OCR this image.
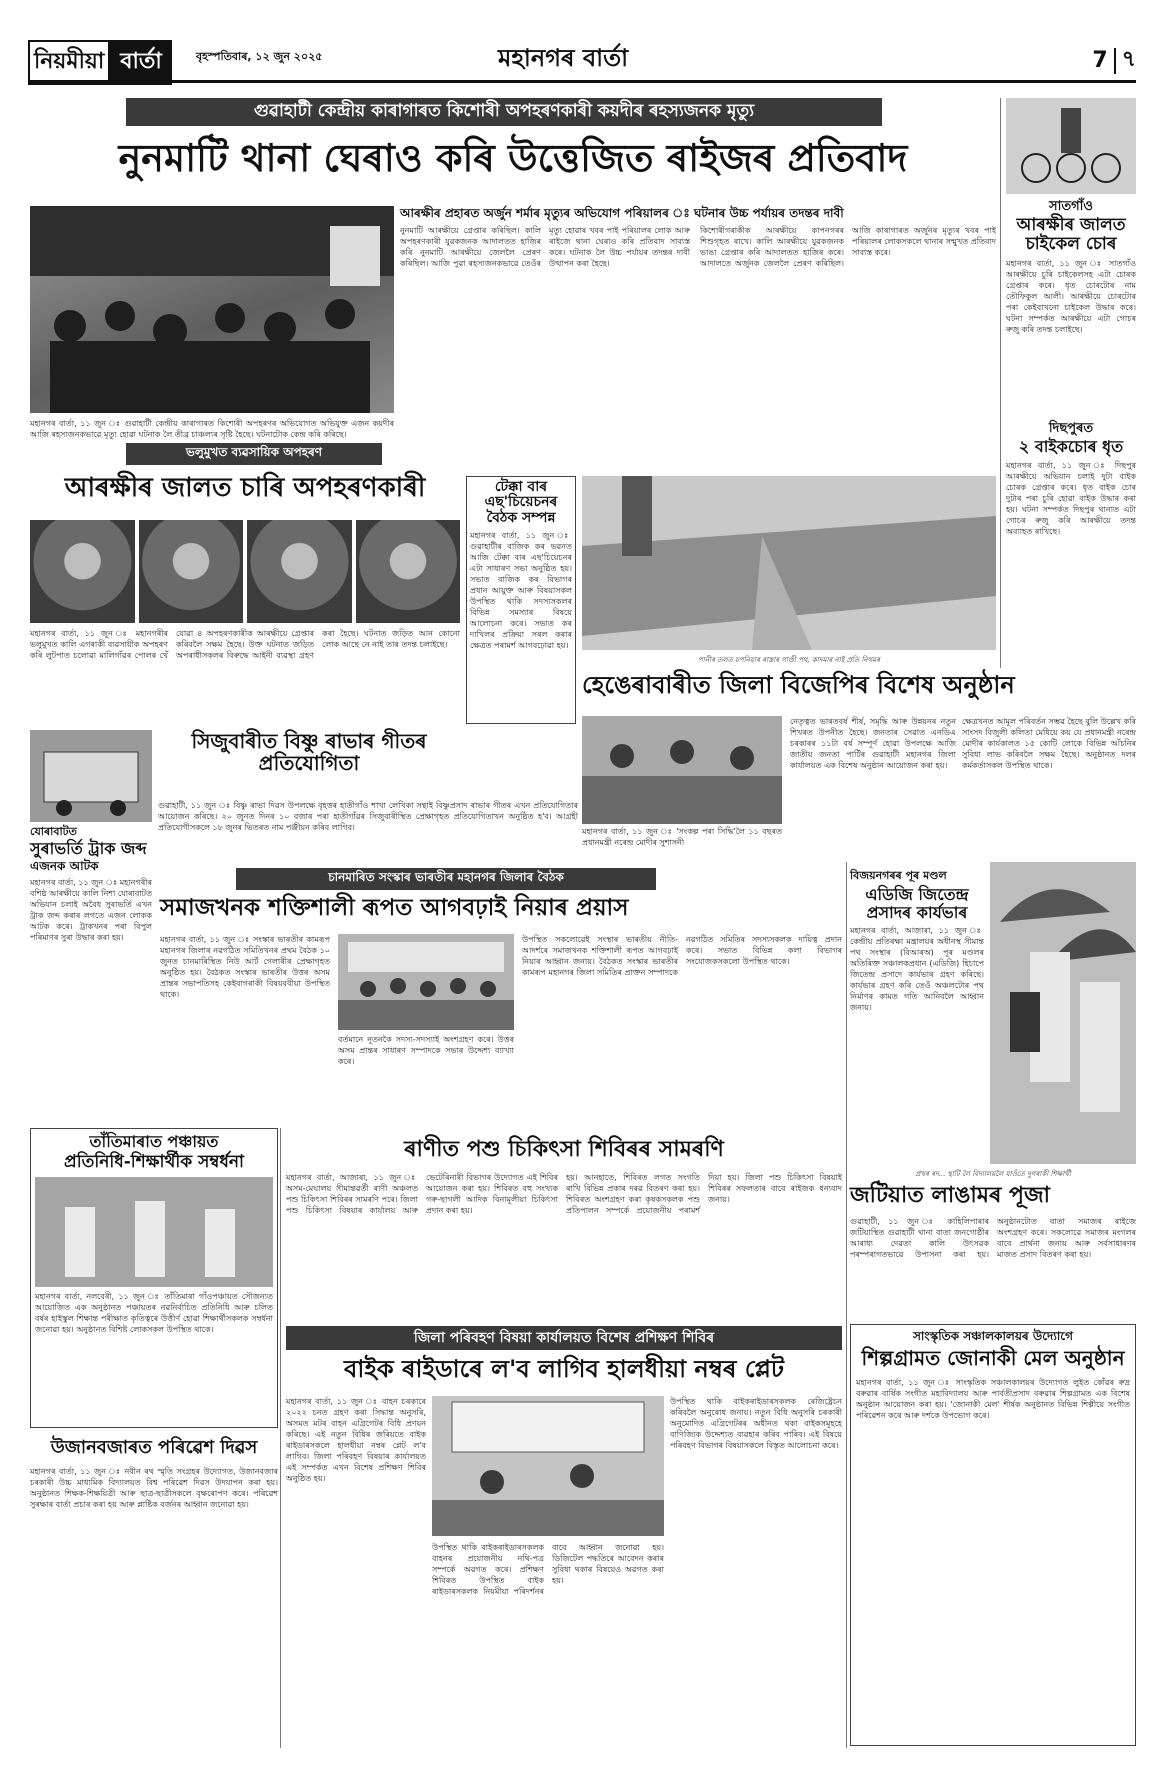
নিয়মীয়া বাৰ্তা	বৃহস্পতিবাৰ, ১২ জুন ২০২৫	মহানগৰ বাৰ্তা	7 ৭
গুৱাহাটী কেন্দ্ৰীয় কাৰাগাৰত কিশোৰী অপহৰণকাৰী কয়দীৰ ৰহস্যজনক মৃত্যু
নুনমাটি থানা ঘেৰাও কৰি উত্তেজিত ৰাইজৰ প্ৰতিবাদ
মহানগৰ বাৰ্তা, ১১ জুন ঃ গুৱাহাটী কেন্দ্ৰীয় কাৰাগাৰত কিশোৰী অপহৰণৰ অভিযোগত অভিযুক্ত এজন কয়দীৰ আজি ৰহস্যজনকভাৱে মৃত্যু হোৱা ঘটনাক লৈ তীব্ৰ চাঞ্চল্যৰ সৃষ্টি হৈছে। ঘটনাটোক কেন্দ্ৰ কৰি কৰিছে।
আৰক্ষীৰ প্ৰহাৰত অৰ্জুন শৰ্মাৰ মৃত্যুৰ অভিযোগ পৰিয়ালৰ ঃ ঘটনাৰ উচ্চ পৰ্যায়ৰ তদন্তৰ দাবী
নুনমাটি আৰক্ষীয়ে গ্ৰেপ্তাৰ কৰিছিল। কালি অপহৰণকাৰী যুৱকজনক আদালতত হাজিৰ কৰি নুনমাটি আৰক্ষীয়ে জেললৈ প্ৰেৰণ কৰিছিল। আজি পুৱা ৰহস্যজনকভাৱে তেওঁৰ মৃত্যু হোৱাৰ খবৰ পাই পৰিয়ালৰ লোক আৰু ৰাইজে থানা ঘেৰাও কৰি প্ৰতিবাদ সাব্যস্ত কৰে। ঘটনাক লৈ উচ্চ পৰ্যায়ৰ তদন্তৰ দাবী উত্থাপন কৰা হৈছে।
কিশোৰীগৰাকীক আৰক্ষীয়ে কাপনগৰৰ শিশুগৃহত ৰাখে। কালি আৰক্ষীয়ে যুৱকজনক ভাঙা গ্ৰেপ্তাৰ কৰি আদালতত হাজিৰ কৰে। আদালতে অৰ্জুনক জেললৈ প্ৰেৰণ কৰিছিল। আজি কাৰাগাৰত অৰ্জুনৰ মৃত্যুৰ খবৰ পাই পৰিয়ালৰ লোকসকলে থানাৰ সন্মুখত প্ৰতিবাদ সাব্যস্ত কৰে।
সাতগাঁও
আৰক্ষীৰ জালত চাইকেল চোৰ
মহানগৰ বাৰ্তা, ১১ জুন ঃ সাতগাঁও আৰক্ষীয়ে চুৰি চাইকেলসহ এটা চোৰক গ্ৰেপ্তাৰ কৰে। ধৃত চোৰটোৰ নাম তৌফিকুল আলী। আৰক্ষীয়ে চোৰটোৰ পৰা কেইবাখনো চাইকেল উদ্ধাৰ কৰে। ঘটনা সম্পৰ্কত আৰক্ষীয়ে এটা গোচৰ ৰুজু কৰি তদন্ত চলাইছে।
দিছপুৰত
২ বাইকচোৰ ধৃত
মহানগৰ বাৰ্তা, ১১ জুন ঃ দিছপুৰ আৰক্ষীয়ে অভিযান চলাই দুটা বাইক চোৰক গ্ৰেপ্তাৰ কৰে। ধৃত বাইক চোৰ দুটাৰ পৰা চুৰি হোৱা বাইক উদ্ধাৰ কৰা হয়। ঘটনা সম্পৰ্কত দিছপুৰ থানাত এটা গোচৰ ৰুজু কৰি আৰক্ষীয়ে তদন্ত অব্যাহত ৰাখিছে।
ভলুমুখত ব্যৱসায়িক অপহৰণ
আৰক্ষীৰ জালত চাৰি অপহৰণকাৰী
মহানগৰ বাৰ্তা, ১১ জুন ঃ মহানগৰীৰ ভলুমুখত কালি এগৰাকী ব্যৱসায়ীক অপহৰণ কৰি লুটপাত চলোৱা মালিগাঁৱৰ পোলৰ খেঁ যোৱা ৪ অপহৰণকাৰীক আৰক্ষীয়ে গ্ৰেপ্তাৰ কৰিবলৈ সক্ষম হৈছে। উক্ত ঘটনাত জড়িত অপৰাধীসকলৰ বিৰুদ্ধে আইনী ব্যৱস্থা গ্ৰহণ কৰা হৈছে। ঘটনাত জড়িত আন কোনো লোক আছে নে নাই তাৰ তদন্ত চলাইছে।
টেক্কা বাৰ এছ'চিয়েচনৰ বৈঠক সম্পন্ন
মহানগৰ বাৰ্তা, ১১ জুন ঃ গুৱাহাটীৰ বাজিক কৰ ভৱনত আজি টেক্কা বাৰ এছ'চিয়েচনৰ এটা সাধাৰণ সভা অনুষ্ঠিত হয়। সভাত বাজিক কৰ বিভাগৰ প্ৰধান আয়ুক্ত আৰু বিষয়াসকল উপস্থিত থাকি সদস্যসকলৰ বিভিন্ন সমস্যাৰ বিষয়ে আলোচনা কৰে। সভাত কৰ দাখিলৰ প্ৰক্ৰিয়া সৰল কৰাৰ ক্ষেত্ৰত পৰামৰ্শ আগবঢ়োৱা হয়।
পানীৰ তলত চপনিয়াৰ ৰাস্তাৰ গাণ্ডী পথ, কাদমাৰ নাই প্ৰতি নিগমৰ
হেঙেৰাবাৰীত জিলা বিজেপিৰ বিশেষ অনুষ্ঠান
মহানগৰ বাৰ্তা, ১১ জুন ঃ 'সংকল্প পৰা সিদ্ধি'লৈ ১১ বছৰত প্ৰধানমন্ত্ৰী নৰেন্দ্ৰ মোদীৰ সুশাসনী
নেতৃত্বত ভাৰতবৰ্ষ শীৰ্ষ, সমৃদ্ধি আৰু উন্নয়নৰ নতুন শিখৰত উপনীত হৈছে। জনতাৰ সেৱাত এনডিএ চৰকাৰৰ ১১টা বৰ্ষ সম্পূৰ্ণ হোৱা উপলক্ষে আজি জাতীয় জনতা পাৰ্টিৰ গুৱাহাটী মহানগৰ জিলা কাৰ্যালয়ত এক বিশেষ অনুষ্ঠান আয়োজন কৰা হয়।
ক্ষেত্ৰখনত আমূল পৰিবৰ্তন সম্ভৱ হৈছে বুলি উল্লেখ কৰি সাংসদ বিজুলী কলিতা মেধিয়ে কয় যে প্ৰধানমন্ত্ৰী নৰেন্দ্ৰ মোদীৰ কাৰ্যকালত ১৫ কোটি লোকে বিভিন্ন আঁচনিৰ সুবিধা লাভ কৰিবলৈ সক্ষম হৈছে। অনুষ্ঠানত দলৰ কৰ্মকৰ্তাসকল উপস্থিত থাকে।
সিজুবাৰীত বিষ্ণু ৰাভাৰ গীতৰ প্ৰতিযোগিতা
গুৱাহাটী, ১১ জুন ঃ বিষ্ণু ৰাভা দিৱস উপলক্ষে বৃহত্তৰ হাতীগাঁও শাখা লেখিকা সন্থাই বিষ্ণুপ্ৰসাদ ৰাভাৰ গীতৰ এখন প্ৰতিযোগিতাৰ আয়োজন কৰিছে। ২০ জুনত দিনৰ ১০ বজাৰ পৰা হাতীগাঁৱৰ সিজুবাৰীস্থিত প্ৰেক্ষাগৃহত প্ৰতিযোগিতাখন অনুষ্ঠিত হ'ব। আগ্ৰহী প্ৰতিযোগীসকলে ১৮ জুনৰ ভিতৰত নাম পঞ্জীয়ন কৰিব লাগিব।
যোৰাবাটত
সুৰাভৰ্তি ট্ৰাক জব্দ
এজনক আটক
মহানগৰ বাৰ্তা, ১১ জুন ঃ মহানগৰীৰ বশিষ্ঠ আৰক্ষীয়ে কালি নিশা যোৰাবাটত অভিযান চলাই অবৈধ সুৰাভৰ্তি এখন ট্ৰাক জব্দ কৰাৰ লগতে এজন লোকক আটক কৰে। ট্ৰাকখনৰ পৰা বিপুল পৰিমাণৰ সুৰা উদ্ধাৰ কৰা হয়।
চানমাৰিত সংস্কাৰ ভাৰতীৰ মহানগৰ জিলাৰ বৈঠক
সমাজখনক শক্তিশালী ৰূপত আগবঢ়াই নিয়াৰ প্ৰয়াস
মহানগৰ বাৰ্তা, ১১ জুন ঃ সংস্কাৰ ভাৰতীৰ কামৰূপ মহানগৰ জিলাৰ নৱগঠিত সমিতিখনৰ প্ৰথম বৈঠক ১০ জুনত চানমাৰিস্থিত নিউ আৰ্ট গেলাৰীৰ প্ৰেক্ষাগৃহত অনুষ্ঠিত হয়। বৈঠকত সংস্কাৰ ভাৰতীৰ উত্তৰ অসম প্ৰান্তৰ সভাপতিসহ কেইবাগৰাকী বিষয়ববীয়া উপস্থিত থাকে।
বৰ্তমানে নূতনকৈ সদস্য-সদস্যাই অংশগ্ৰহণ কৰে। উত্তৰ অসম প্ৰান্তৰ সাধাৰণ সম্পাদকে সভাৰ উদ্দেশ্য ব্যাখ্যা কৰে।
উপস্থিত সকলোৱেই সংস্থাৰ ভাৰতীয় নীতি-আদৰ্শৰে সমাজখনক শক্তিশালী ৰূপত আগবঢ়াই নিয়াৰ আহ্বান জনায়। বৈঠকত সংস্কাৰ ভাৰতীৰ কামৰূপ মহানগৰ জিলা সমিতিৰ প্ৰাক্তন সম্পাদকে নৱগঠিত সমিতিৰ সদস্যসকলক দায়িত্ব প্ৰদান কৰে। সভাত বিভিন্ন কলা বিভাগৰ সংযোজকসকলো উপস্থিত থাকে।
বিজয়নগৰৰ পূৰ মণ্ডল
এডিজি জিতেন্দ্ৰ প্ৰসাদৰ কাৰ্যভাৰ
মহানগৰ বাৰ্তা, আজাৰা, ১১ জুন ঃ কেন্দ্ৰীয় প্ৰতিৰক্ষা মন্ত্ৰালয়ৰ অধীনস্থ সীমান্ত পথ সংস্থাৰ (বিআৰঅ) পূৰ মণ্ডলৰ অতিৰিক্ত সঞ্চালকপ্ৰধান (এডিজি) হিচাপে জিতেন্দ্ৰ প্ৰসাদে কাৰ্যভাৰ গ্ৰহণ কৰিছে। কাৰ্যভাৰ গ্ৰহণ কৰি তেওঁ অঞ্চলটোৰ পথ নিৰ্মাণৰ কামত গতি আনিবলৈ আহ্বান জনায়।
প্ৰখৰ ৰদ... ছাটি লৈ বিদ্যালয়লৈ যাওঁতে দুগৰাকী শিক্ষাৰ্থী
জটিয়াত লাঙামৰ পূজা
গুৱাহাটী, ১১ জুন ঃ কাহিলিপাৰাৰ জটিয়াস্থিত গুৱাহাটী থানা বাতা জনগোষ্ঠীৰ আৰাধ্য দেৱতা কালি উৎসৱক পৰম্পৰাগতভাৱে উপাসনা কৰা হয়। অনুষ্ঠানটোত বাতা সমাজৰ ৰাইজে অংশগ্ৰহণ কৰে। সকলোৱে সমাজৰ মংগলৰ বাবে প্ৰাৰ্থনা জনায় আৰু সৰ্বসাধাৰণৰ মাজত প্ৰসাদ বিতৰণ কৰা হয়।
তাঁতিমাৰাত পঞ্চায়ত
প্ৰতিনিধি-শিক্ষাৰ্থীক সম্বৰ্ধনা
মহানগৰ বাৰ্তা, নলবেৰী, ১১ জুন ঃ তাঁতিমাৰা গাঁওপঞ্চায়ত সৌজন্যত আয়োজিত এক অনুষ্ঠানত পঞ্চায়তৰ নৱনিৰ্বাচিত প্ৰতিনিধি আৰু চলিত বৰ্ষৰ হাইস্কুল শিক্ষান্ত পৰীক্ষাত কৃতিত্বৰে উত্তীৰ্ণ হোৱা শিক্ষাৰ্থীসকলক সম্বৰ্ধনা জনোৱা হয়। অনুষ্ঠানত বিশিষ্ট লোকসকল উপস্থিত থাকে।
উজানবজাৰত পৰিৱেশ দিৱস
মহানগৰ বাৰ্তা, ১১ জুন ঃ নবীন ৰথ স্মৃতি সংগ্ৰহৰ উদ্যোগত, উজানবজাৰ চৰকাৰী উচ্চ মাধ্যমিক বিদ্যালয়ত বিশ্ব পৰিৱেশ দিৱস উদযাপন কৰা হয়। অনুষ্ঠানত শিক্ষক-শিক্ষয়িত্ৰী আৰু ছাত্ৰ-ছাত্ৰীসকলে বৃক্ষৰোপণ কৰে। পৰিৱেশ সুৰক্ষাৰ বাৰ্তা প্ৰচাৰ কৰা হয় আৰু প্লাষ্টিক বৰ্জনৰ আহ্বান জনোৱা হয়।
ৰাণীত পশু চিকিৎসা শিবিৰৰ সামৰণি
মহানগৰ বাৰ্তা, আজাৰা, ১১ জুন ঃ অসম-মেঘালয় সীমান্তৱৰ্তী ৰাণী অঞ্চলত পশু চিকিৎসা শিবিৰৰ সামৰণি পৰে। জিলা পশু চিকিৎসা বিষয়াৰ কাৰ্যালয় আৰু ভেটেৰিনাৰী বিভাগৰ উদ্যোগত এই শিবিৰ আয়োজন কৰা হয়। শিবিৰত বহু সংখ্যক গৰু-ছাগলী আদিক বিনামূলীয়া চিকিৎসা প্ৰদান কৰা হয়।
হয়। আনহাতে, শিবিৰত লগত সংগতি ৰাখি বিভিন্ন প্ৰকাৰ দৰৱ বিতৰণ কৰা হয়। শিবিৰত অংশগ্ৰহণ কৰা কৃষকসকলক পশু প্ৰতিপালন সম্পৰ্কে প্ৰয়োজনীয় পৰামৰ্শ দিয়া হয়। জিলা পশু চিকিৎসা বিষয়াই শিবিৰৰ সফলতাৰ বাবে ৰাইজক ধন্যবাদ জনায়।
জিলা পৰিবহণ বিষয়া কাৰ্যালয়ত বিশেষ প্ৰশিক্ষণ শিবিৰ
বাইক ৰাইডাৰে ল'ব লাগিব হালধীয়া নম্বৰ প্লেট
মহানগৰ বাৰ্তা, ১১ জুন ঃ বাহন চৰকাৰে ২০২২ চনত গ্ৰহণ কৰা সিদ্ধান্ত অনুসৰি, অসমত মটৰ বাহন এগ্ৰিগেটৰ বিধি প্ৰণয়ন কৰিছে। এই নতুন বিধিৰ জৰিয়তে বাইক ৰাইডাৰসকলে হালধীয়া নম্বৰ প্লেট ল'ব লাগিব। জিলা পৰিবহণ বিষয়াৰ কাৰ্যালয়ত এই সম্পৰ্কত এখন বিশেষ প্ৰশিক্ষণ শিবিৰ অনুষ্ঠিত হয়।
উপস্থিত থাকি বাইকৰাইডাৰসকলক বাহনৰ প্ৰয়োজনীয় নথি-পত্ৰ সম্পৰ্কে অৱগত কৰে। প্ৰশিক্ষণ শিবিৰত উপস্থিত বাইক ৰাইডাৰসকলক নিয়মীয়া পৰিদৰ্শনৰ বাবে আহ্বান জনোৱা হয়। ডিজিটেল পদ্ধতিৰে আবেদন কৰাৰ সুবিধা থকাৰ বিষয়েও অৱগত কৰা হয়।
উপস্থিত থাকি বাইকৰাইডাৰসকলক ৰেজিষ্ট্ৰেচন কৰিবলৈ অনুৰোধ জনায়। নতুন বিধি অনুসৰি চৰকাৰী অনুমোদিত এগ্ৰিগেটৰৰ অধীনত থকা বাইকসমূহহে বাণিজ্যিক উদ্দেশ্যত ব্যৱহাৰ কৰিব পাৰিব। এই বিষয়ে পৰিবহণ বিভাগৰ বিষয়াসকলে বিস্তৃত আলোচনা কৰে।
সাংস্কৃতিক সঞ্চালকালয়ৰ উদ্যোগে
শিল্পগ্ৰামত জোনাকী মেল অনুষ্ঠান
মহানগৰ বাৰ্তা, ১১ জুন ঃ সাংস্কৃতিক সঞ্চালকালয়ৰ উদ্যোগত লুইত কোঁৱৰ ৰুদ্ৰ বৰুৱাৰ বাৰ্ষিক সংগীত মহাবিদ্যালয় আৰু পাৰ্বতীপ্ৰসাদ বৰুৱাৰ শিল্পগ্ৰামত এক বিশেষ অনুষ্ঠান আয়োজন কৰা হয়। 'জোনাকী মেল' শীৰ্ষক অনুষ্ঠানত বিভিন্ন শিল্পীয়ে সংগীত পৰিৱেশন কৰে আৰু দৰ্শকে উপভোগ কৰে।
